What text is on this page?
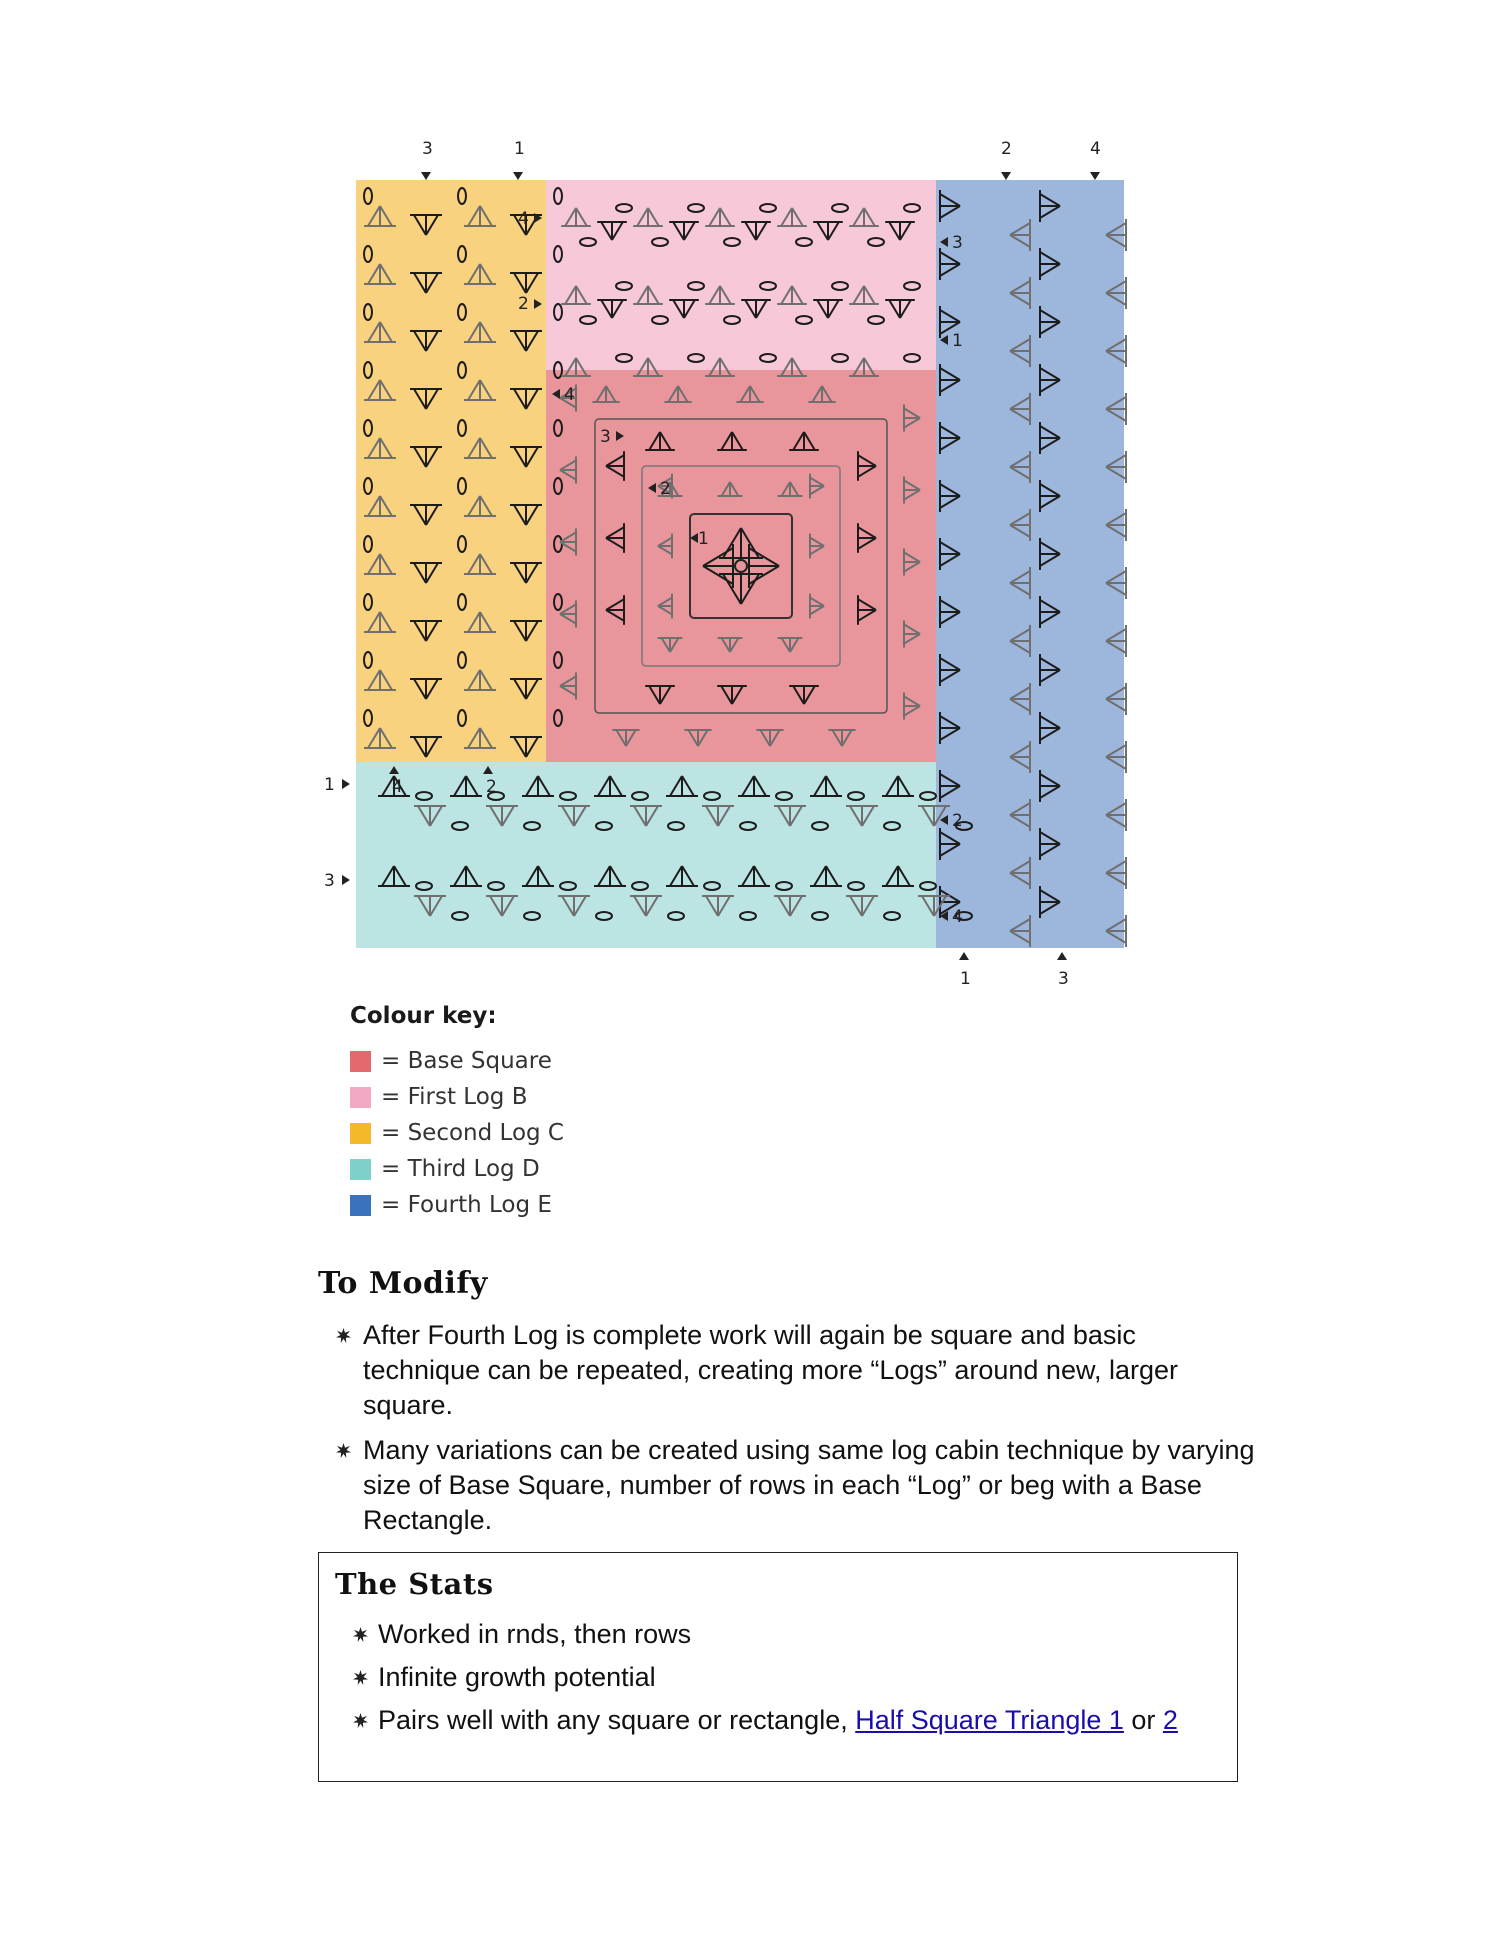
3	1	2	4
4
2
3
1
4
3
2
1
1
3
4	2
2
4
1	3
Colour key:
= Base Square
= First Log B
= Second Log C
= Third Log D
= Fourth Log E
To Modify
After Fourth Log is complete work will again be square and basic technique can be repeated, creating more “Logs” around new, larger square.
Many variations can be created using same log cabin technique by varying size of Base Square, number of rows in each “Log” or beg with a Base Rectangle.
The Stats
Worked in rnds, then rows
Infinite growth potential
Pairs well with any square or rectangle, Half Square Triangle 1 or 2
